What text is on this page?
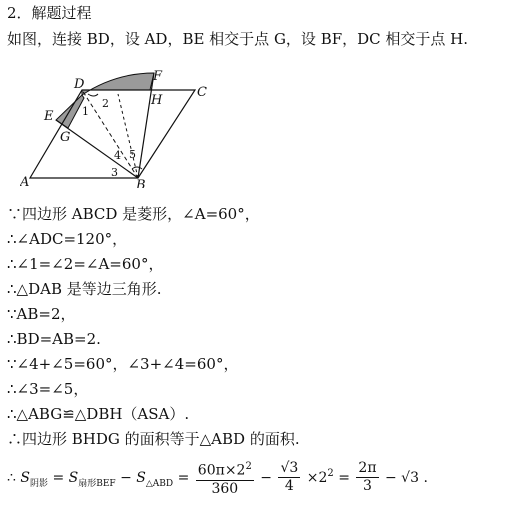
2．解题过程
如图，连接 BD，设 AD，BE 相交于点 G，设 BF，DC 相交于点 H.
A	B
C
D
E
F
G
H
1
2
3
4 5
∵四边形 ABCD 是菱形，∠A=60°，
∴∠ADC=120°，
∴∠1=∠2=∠A=60°，
∴△DAB 是等边三角形.
∵AB=2，
∴BD=AB=2.
∵∠4+∠5=60°，∠3+∠4=60°，
∴∠3=∠5，
∴△ABG≌△DBH（ASA）.
∴四边形 BHDG 的面积等于△ABD 的面积.
∴ $S_{阴影} = S_{扇形BEF} - S_{\triangle ABD} = \frac{60\pi\times 2^2}{360} - \frac{√3}{4} \times 2^2 = \frac{2\pi}{3} - √3$ .
